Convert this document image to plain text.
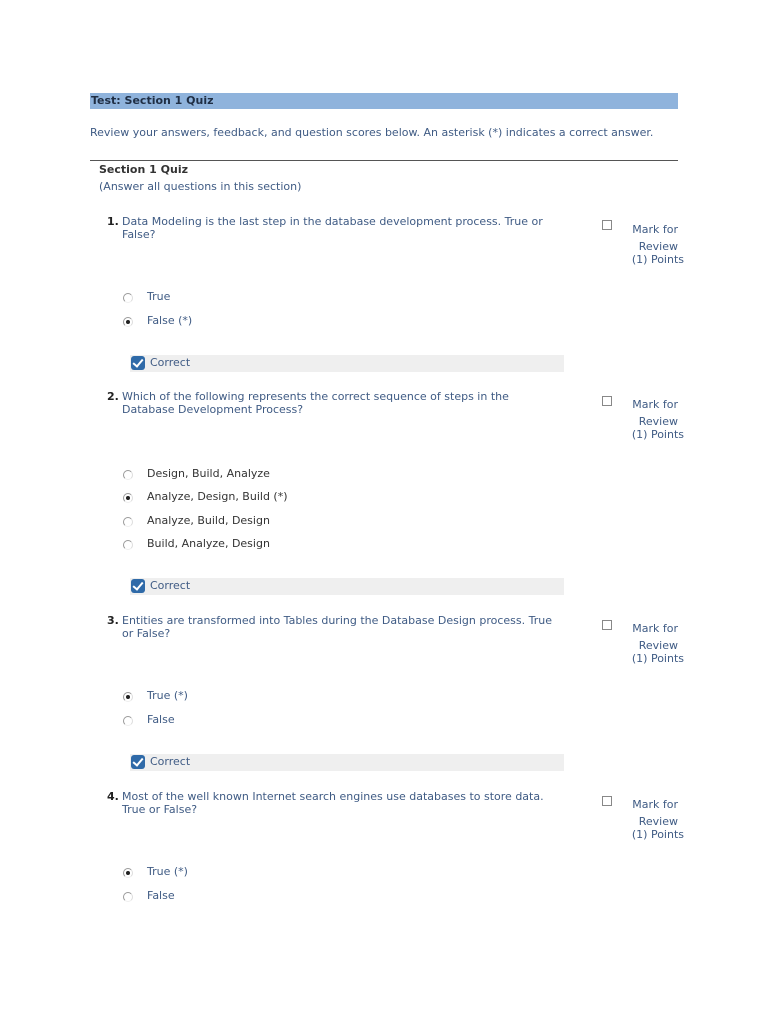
Test: Section 1 Quiz
Review your answers, feedback, and question scores below. An asterisk (*) indicates a correct answer.
Section 1 Quiz
(Answer all questions in this section)
1. Data Modeling is the last step in the database development process. True or False?	Mark for Review
(1) Points
True
False (*)
Correct
2. Which of the following represents the correct sequence of steps in the Database Development Process?	Mark for Review
(1) Points
Design, Build, Analyze
Analyze, Design, Build (*)
Analyze, Build, Design
Build, Analyze, Design
Correct
3. Entities are transformed into Tables during the Database Design process. True or False?	Mark for Review
(1) Points
True (*)
False
Correct
4. Most of the well known Internet search engines use databases to store data. True or False?	Mark for Review
(1) Points
True (*)
False
